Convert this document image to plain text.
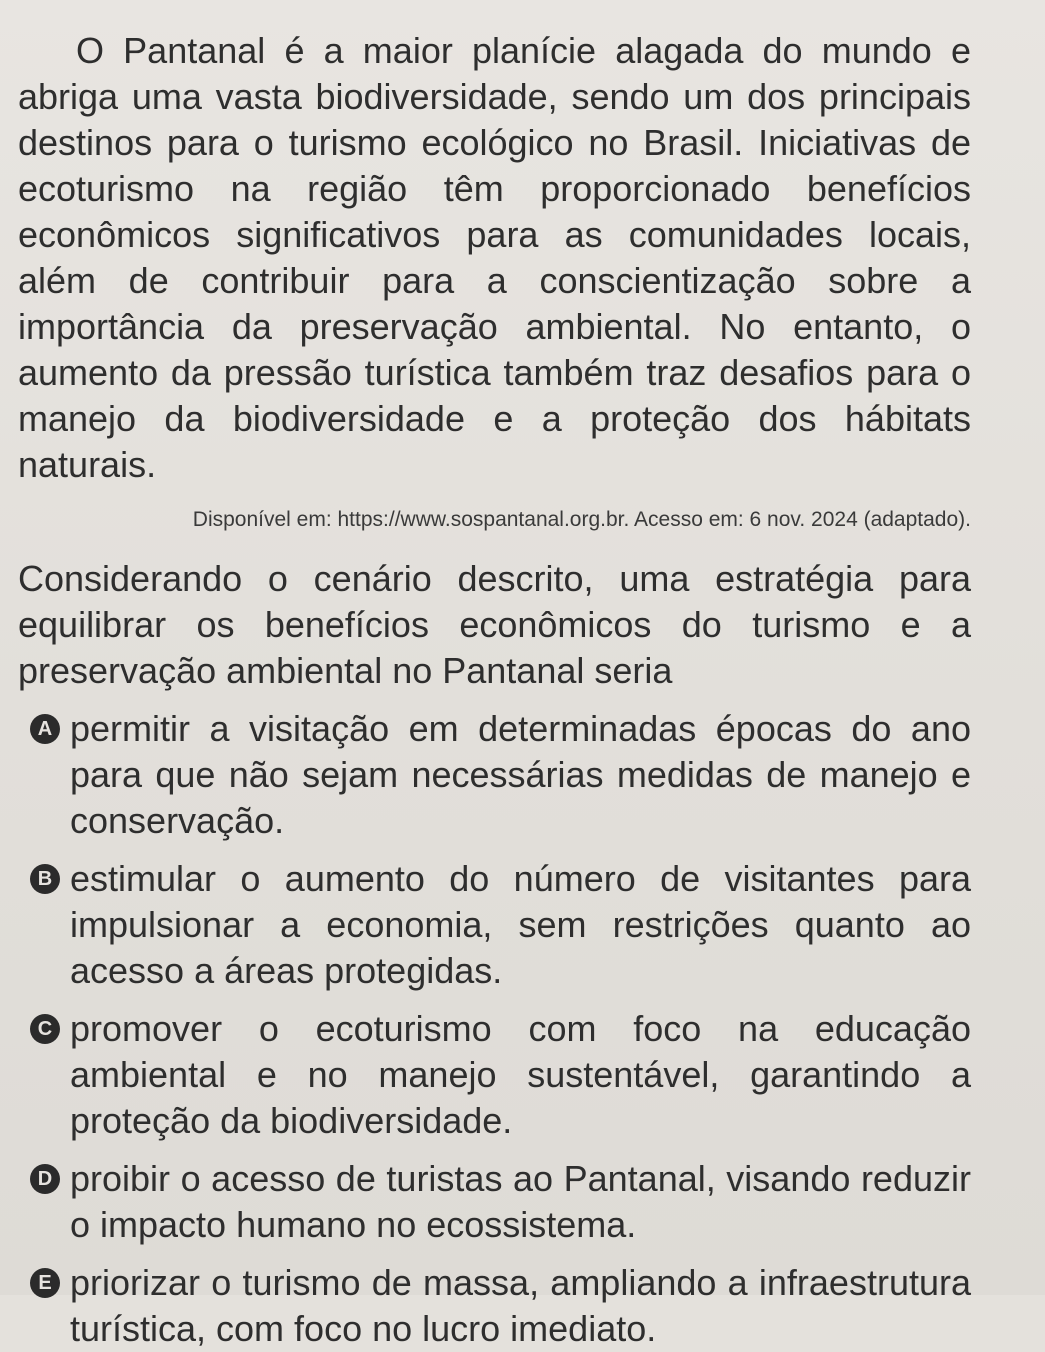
O Pantanal é a maior planície alagada do mundo e abriga uma vasta biodiversidade, sendo um dos principais destinos para o turismo ecológico no Brasil. Iniciativas de ecoturismo na região têm proporcionado benefícios econômicos significativos para as comunidades locais, além de contribuir para a conscientização sobre a importância da preservação ambiental. No entanto, o aumento da pressão turística também traz desafios para o manejo da biodiversidade e a proteção dos hábitats naturais.

Disponível em: https://www.sospantanal.org.br. Acesso em: 6 nov. 2024 (adaptado).

Considerando o cenário descrito, uma estratégia para equilibrar os benefícios econômicos do turismo e a preservação ambiental no Pantanal seria

A permitir a visitação em determinadas épocas do ano para que não sejam necessárias medidas de manejo e conservação.
B estimular o aumento do número de visitantes para impulsionar a economia, sem restrições quanto ao acesso a áreas protegidas.
C promover o ecoturismo com foco na educação ambiental e no manejo sustentável, garantindo a proteção da biodiversidade.
D proibir o acesso de turistas ao Pantanal, visando reduzir o impacto humano no ecossistema.
E priorizar o turismo de massa, ampliando a infraestrutura turística, com foco no lucro imediato.
